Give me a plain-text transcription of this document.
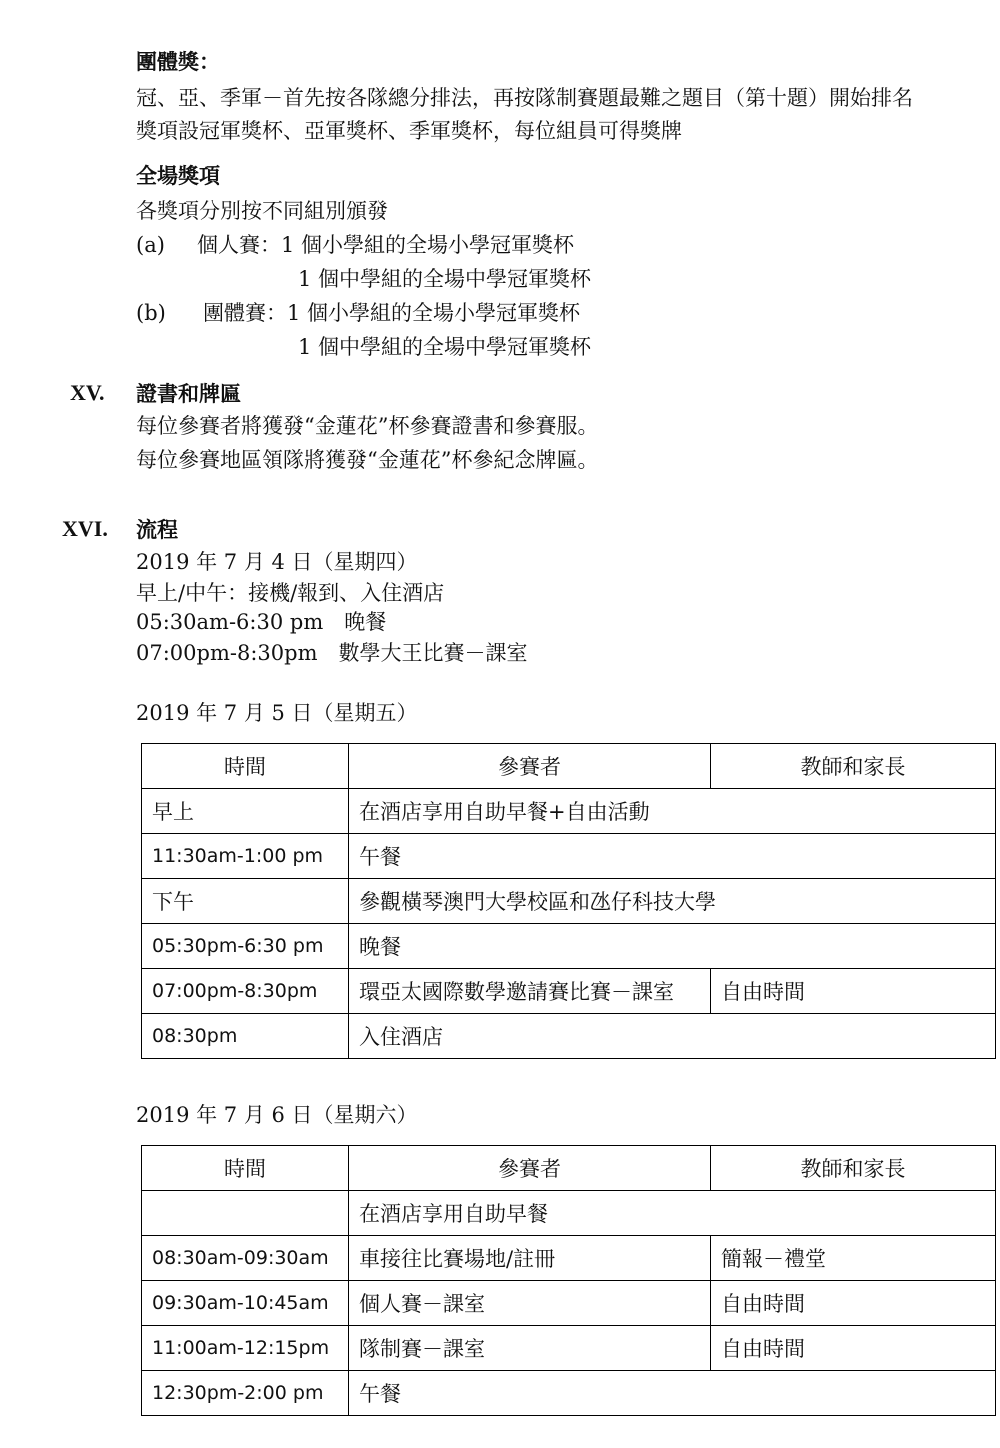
團體獎：
冠、亞、季軍－首先按各隊總分排法，再按隊制賽題最難之題目（第十題）開始排名
獎項設冠軍獎杯、亞軍獎杯、季軍獎杯，每位組員可得獎牌
全場獎項
各獎項分別按不同組別頒發
(a) 個人賽：1 個小學組的全場小學冠軍獎杯
1 個中學組的全場中學冠軍獎杯
(b) 團體賽：1 個小學組的全場小學冠軍獎杯
1 個中學組的全場中學冠軍獎杯
XV. 證書和牌匾
每位參賽者將獲發“金蓮花”杯參賽證書和參賽服。
每位參賽地區領隊將獲發“金蓮花”杯參紀念牌匾。
XVI. 流程
2019 年 7 月 4 日（星期四）
早上/中午：接機/報到、入住酒店
05:30am-6:30 pm　晚餐
07:00pm-8:30pm　數學大王比賽－課室
2019 年 7 月 5 日（星期五）
時間	參賽者	教師和家長
早上	在酒店享用自助早餐+自由活動	
11:30am-1:00 pm	午餐	
下午	參觀橫琴澳門大學校區和氹仔科技大學	
05:30pm-6:30 pm	晚餐	
07:00pm-8:30pm	環亞太國際數學邀請賽比賽－課室	自由時間
08:30pm	入住酒店	
2019 年 7 月 6 日（星期六）
時間	參賽者	教師和家長
	在酒店享用自助早餐	
08:30am-09:30am	車接往比賽場地/註冊	簡報－禮堂
09:30am-10:45am	個人賽－課室	自由時間
11:00am-12:15pm	隊制賽－課室	自由時間
12:30pm-2:00 pm	午餐	
